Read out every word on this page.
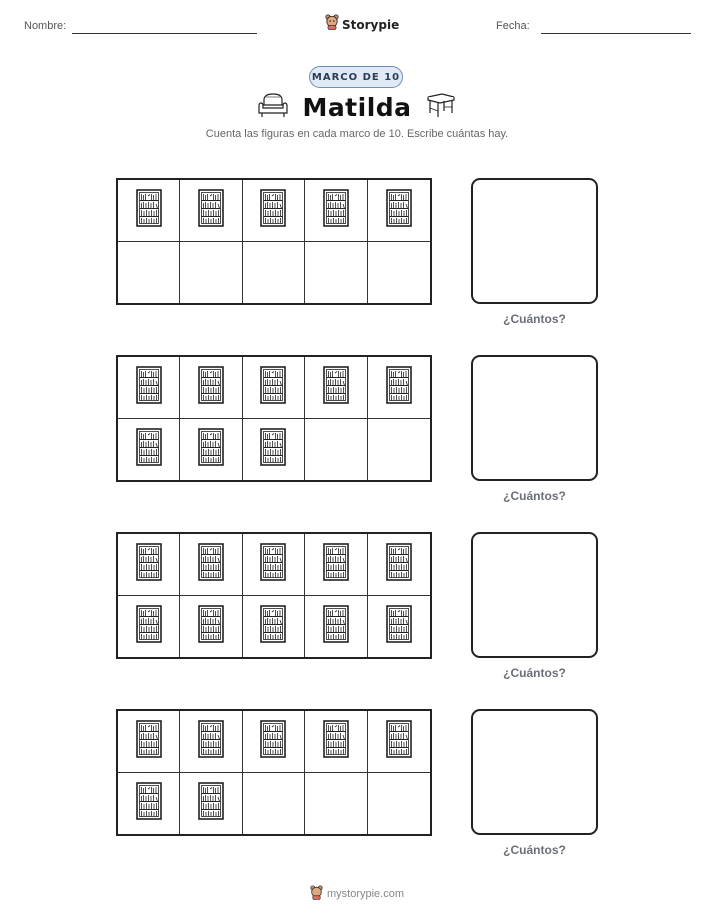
Nombre:	Storypie	Fecha:
MARCO DE 10
Matilda
Cuenta las figuras en cada marco de 10. Escribe cuántas hay.
¿Cuántos?
¿Cuántos?
¿Cuántos?
¿Cuántos?
mystorypie.com
